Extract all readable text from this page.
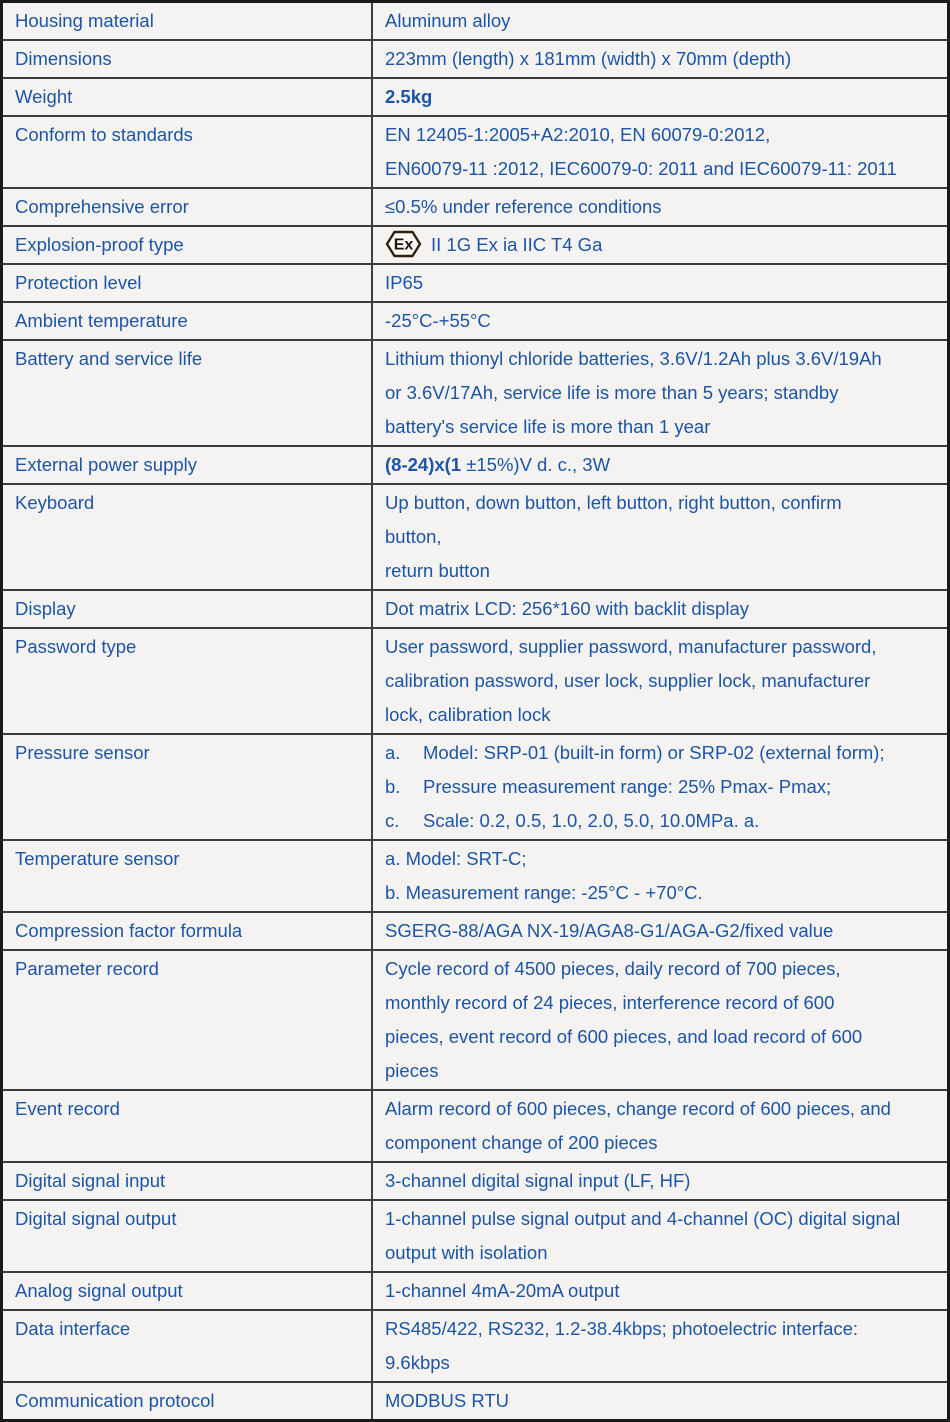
Housing material	Aluminum alloy

Dimensions	223mm (length) x 181mm (width) x 70mm (depth)

Weight	2.5kg

Conform to standards	EN 12405-1:2005+A2:2010, EN 60079-0:2012,
EN60079-11 :2012, IEC60079-0: 2011 and IEC60079-11: 2011

Comprehensive error	≤0.5% under reference conditions

Explosion-proof type	Ex II 1G Ex ia IIC T4 Ga

Protection level	IP65

Ambient temperature	-25°C-+55°C

Battery and service life	Lithium thionyl chloride batteries, 3.6V/1.2Ah plus 3.6V/19Ah
or 3.6V/17Ah, service life is more than 5 years; standby
battery's service life is more than 1 year

External power supply	(8-24)x(1 ±15%)V d. c., 3W

Keyboard	Up button, down button, left button, right button, confirm
button,
return button

Display	Dot matrix LCD: 256*160 with backlit display

Password type	User password, supplier password, manufacturer password,
calibration password, user lock, supplier lock, manufacturer
lock, calibration lock

Pressure sensor	a. Model: SRP-01 (built-in form) or SRP-02 (external form);
b. Pressure measurement range: 25% Pmax- Pmax;
c. Scale: 0.2, 0.5, 1.0, 2.0, 5.0, 10.0MPa. a.

Temperature sensor	a. Model: SRT-C;
b. Measurement range: -25°C - +70°C.

Compression factor formula	SGERG-88/AGA NX-19/AGA8-G1/AGA-G2/fixed value

Parameter record	Cycle record of 4500 pieces, daily record of 700 pieces,
monthly record of 24 pieces, interference record of 600
pieces, event record of 600 pieces, and load record of 600
pieces

Event record	Alarm record of 600 pieces, change record of 600 pieces, and
component change of 200 pieces

Digital signal input	3-channel digital signal input (LF, HF)

Digital signal output	1-channel pulse signal output and 4-channel (OC) digital signal
output with isolation

Analog signal output	1-channel 4mA-20mA output

Data interface	RS485/422, RS232, 1.2-38.4kbps; photoelectric interface:
9.6kbps

Communication protocol	MODBUS RTU
